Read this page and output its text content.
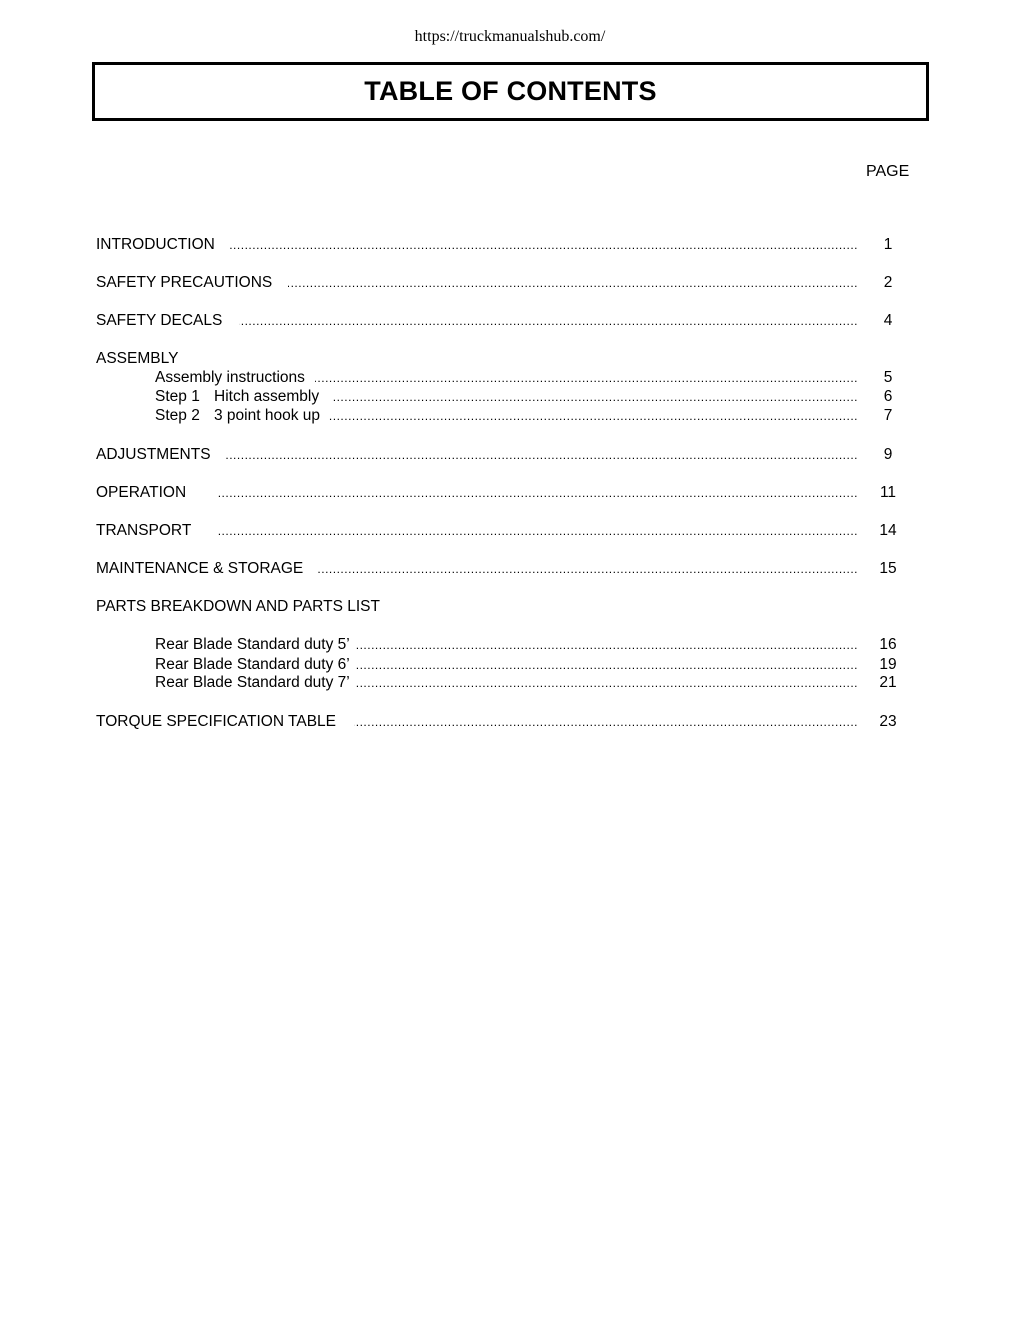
https://truckmanualshub.com/
TABLE OF CONTENTS
PAGE
.....
INTRODUCTION	1
.....
SAFETY PRECAUTIONS	2
.....
SAFETY DECALS	4
ASSEMBLY
.....
Assembly instructions	5
.....
Step 1 Hitch assembly	6
.....
Step 2 3 point hook up	7
.....
ADJUSTMENTS	9
.....
OPERATION	11
.....
TRANSPORT	14
.....
MAINTENANCE & STORAGE	15
PARTS BREAKDOWN AND PARTS LIST
.....
Rear Blade Standard duty 5’	16
.....
Rear Blade Standard duty 6’	19
.....
Rear Blade Standard duty 7’	21
.....
TORQUE SPECIFICATION TABLE	23
